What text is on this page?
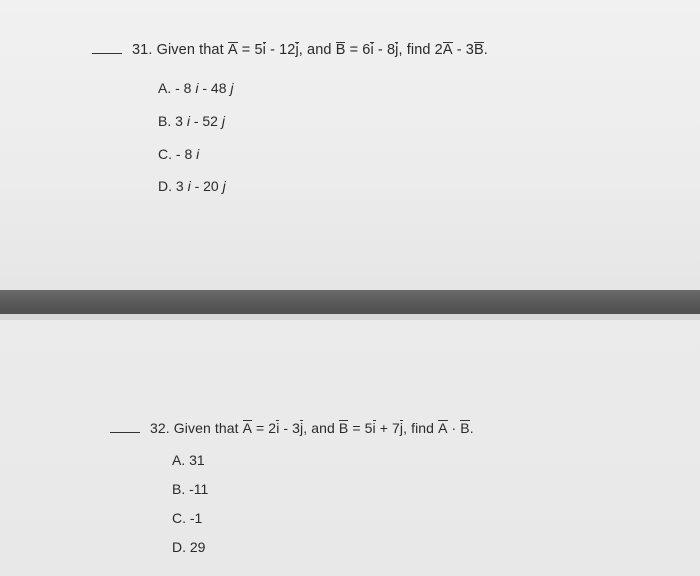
31. Given that A = 5i - 12j, and B = 6i - 8j, find 2A - 3B.
A. - 8 i - 48 j
B. 3 i - 52 j
C. - 8 i
D. 3 i - 20 j
32. Given that A = 2i - 3j, and B = 5i + 7j, find A · B.
A. 31
B. -11
C. -1
D. 29
